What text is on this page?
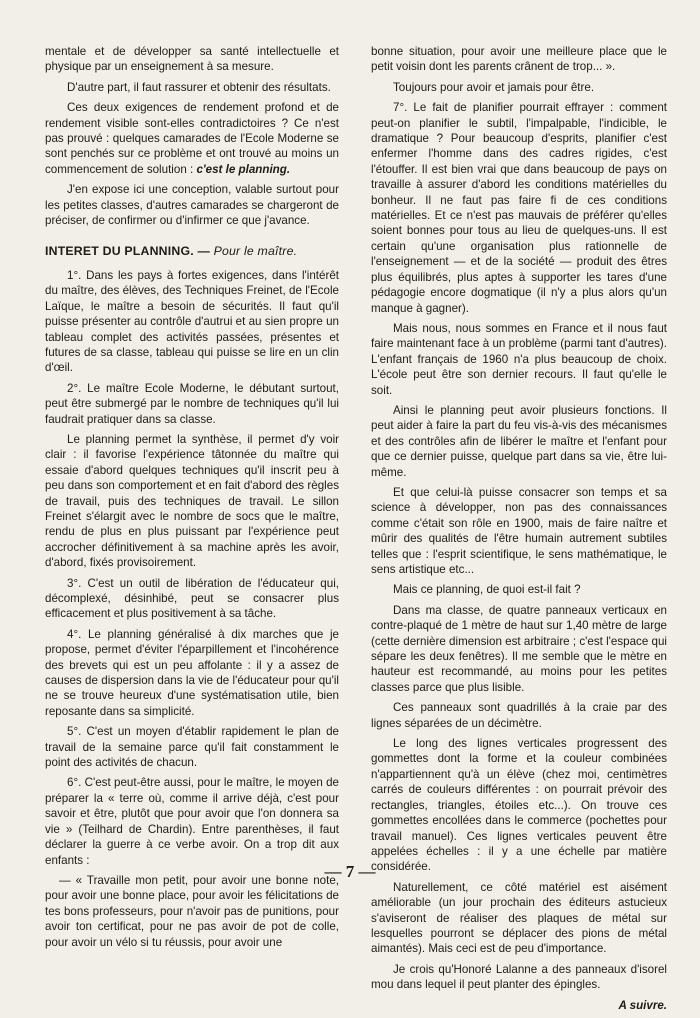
mentale et de développer sa santé intellectuelle et physique par un enseignement à sa mesure.

D'autre part, il faut rassurer et obtenir des résultats.

Ces deux exigences de rendement profond et de rendement visible sont-elles contradictoires ? Ce n'est pas prouvé : quelques camarades de l'Ecole Moderne se sont penchés sur ce problème et ont trouvé au moins un commencement de solution : c'est le planning.

J'en expose ici une conception, valable surtout pour les petites classes, d'autres camarades se chargeront de préciser, de confirmer ou d'infirmer ce que j'avance.

INTERET DU PLANNING. — Pour le maître.

1°. Dans les pays à fortes exigences, dans l'intérêt du maître, des élèves, des Techniques Freinet, de l'Ecole Laïque, le maître a besoin de sécurités. Il faut qu'il puisse présenter au contrôle d'autrui et au sien propre un tableau complet des activités passées, présentes et futures de sa classe, tableau qui puisse se lire en un clin d'œil.

2°. Le maître Ecole Moderne, le débutant surtout, peut être submergé par le nombre de techniques qu'il lui faudrait pratiquer dans sa classe.

Le planning permet la synthèse, il permet d'y voir clair : il favorise l'expérience tâtonnée du maître qui essaie d'abord quelques techniques qu'il inscrit peu à peu dans son comportement et en fait d'abord des règles de travail, puis des techniques de travail. Le sillon Freinet s'élargit avec le nombre de socs que le maître, rendu de plus en plus puissant par l'expérience peut accrocher définitivement à sa machine après les avoir, d'abord, fixés provisoirement.

3°. C'est un outil de libération de l'éducateur qui, décomplexé, désinhibé, peut se consacrer plus efficacement et plus positivement à sa tâche.

4°. Le planning généralisé à dix marches que je propose, permet d'éviter l'éparpillement et l'incohérence des brevets qui est un peu affolante : il y a assez de causes de dispersion dans la vie de l'éducateur pour qu'il ne se trouve heureux d'une systématisation utile, bien reposante dans sa simplicité.

5°. C'est un moyen d'établir rapidement le plan de travail de la semaine parce qu'il fait constamment le point des activités de chacun.

6°. C'est peut-être aussi, pour le maître, le moyen de préparer la « terre où, comme il arrive déjà, c'est pour savoir et être, plutôt que pour avoir que l'on donnera sa vie » (Teilhard de Chardin). Entre parenthèses, il faut déclarer la guerre à ce verbe avoir. On a trop dit aux enfants :

— « Travaille mon petit, pour avoir une bonne note, pour avoir une bonne place, pour avoir les félicitations de tes bons professeurs, pour n'avoir pas de punitions, pour avoir ton certificat, pour ne pas avoir de pot de colle, pour avoir un vélo si tu réussis, pour avoir une

bonne situation, pour avoir une meilleure place que le petit voisin dont les parents crânent de trop... ».

Toujours pour avoir et jamais pour être.

7°. Le fait de planifier pourrait effrayer : comment peut-on planifier le subtil, l'impalpable, l'indicible, le dramatique ? Pour beaucoup d'esprits, planifier c'est enfermer l'homme dans des cadres rigides, c'est l'étouffer. Il est bien vrai que dans beaucoup de pays on travaille à assurer d'abord les conditions matérielles du bonheur. Il ne faut pas faire fi de ces conditions matérielles. Et ce n'est pas mauvais de préférer qu'elles soient bonnes pour tous au lieu de quelques-uns. Il est certain qu'une organisation plus rationnelle de l'enseignement — et de la société — produit des êtres plus équilibrés, plus aptes à supporter les tares d'une pédagogie encore dogmatique (il n'y a plus alors qu'un manque à gagner).

Mais nous, nous sommes en France et il nous faut faire maintenant face à un problème (parmi tant d'autres). L'enfant français de 1960 n'a plus beaucoup de choix. L'école peut être son dernier recours. Il faut qu'elle le soit.

Ainsi le planning peut avoir plusieurs fonctions. Il peut aider à faire la part du feu vis-à-vis des mécanismes et des contrôles afin de libérer le maître et l'enfant pour que ce dernier puisse, quelque part dans sa vie, être lui-même.

Et que celui-là puisse consacrer son temps et sa science à développer, non pas des connaissances comme c'était son rôle en 1900, mais de faire naître et mûrir des qualités de l'être humain autrement subtiles telles que : l'esprit scientifique, le sens mathématique, le sens artistique etc...

Mais ce planning, de quoi est-il fait ?

Dans ma classe, de quatre panneaux verticaux en contre-plaqué de 1 mètre de haut sur 1,40 mètre de large (cette dernière dimension est arbitraire ; c'est l'espace qui sépare les deux fenêtres). Il me semble que le mètre en hauteur est recommandé, au moins pour les petites classes parce que plus lisible.

Ces panneaux sont quadrillés à la craie par des lignes séparées de un décimètre.

Le long des lignes verticales progressent des gommettes dont la forme et la couleur combinées n'appartiennent qu'à un élève (chez moi, centimètres carrés de couleurs différentes : on pourrait prévoir des rectangles, triangles, étoiles etc...). On trouve ces gommettes encollées dans le commerce (pochettes pour travail manuel). Ces lignes verticales peuvent être appelées échelles : il y a une échelle par matière considérée.

Naturellement, ce côté matériel est aisément améliorable (un jour prochain des éditeurs astucieux s'aviseront de réaliser des plaques de métal sur lesquelles pourront se déplacer des pions de métal aimantés). Mais ceci est de peu d'importance.

Je crois qu'Honoré Lalanne a des panneaux d'isorel mou dans lequel il peut planter des épingles.

A suivre.

— 7 —
